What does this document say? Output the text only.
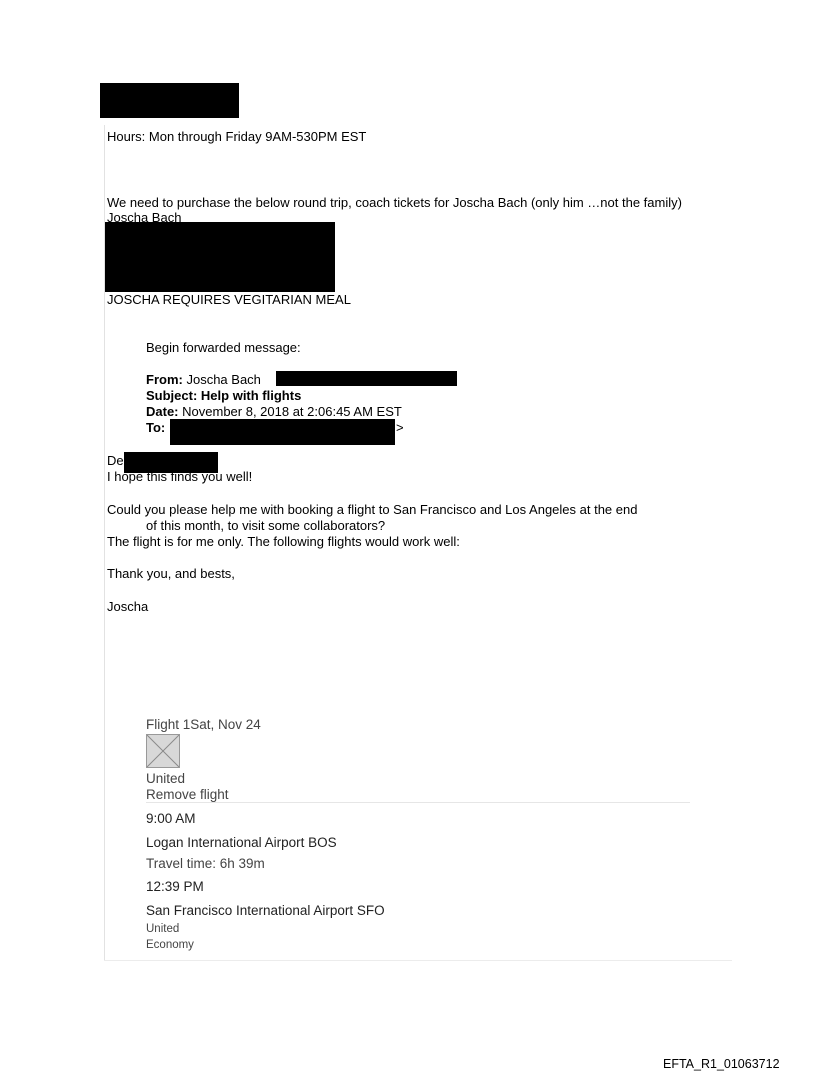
Hours: Mon through Friday 9AM-530PM EST
We need to purchase the below round trip, coach tickets for Joscha Bach (only him …not the family)
Joscha Bach
JOSCHA REQUIRES VEGITARIAN MEAL
Begin forwarded message:
From: Joscha Bach
Subject: Help with flights
Date: November 8, 2018 at 2:06:45 AM EST
To:	>
Dea
I hope this finds you well!
Could you please help me with booking a flight to San Francisco and Los Angeles at the end
of this month, to visit some collaborators?
The flight is for me only. The following flights would work well:
Thank you, and bests,
Joscha
Flight 1Sat, Nov 24
United
Remove flight
9:00 AM
Logan International Airport BOS
Travel time: 6h 39m
12:39 PM
San Francisco International Airport SFO
United
Economy
EFTA_R1_01063712
